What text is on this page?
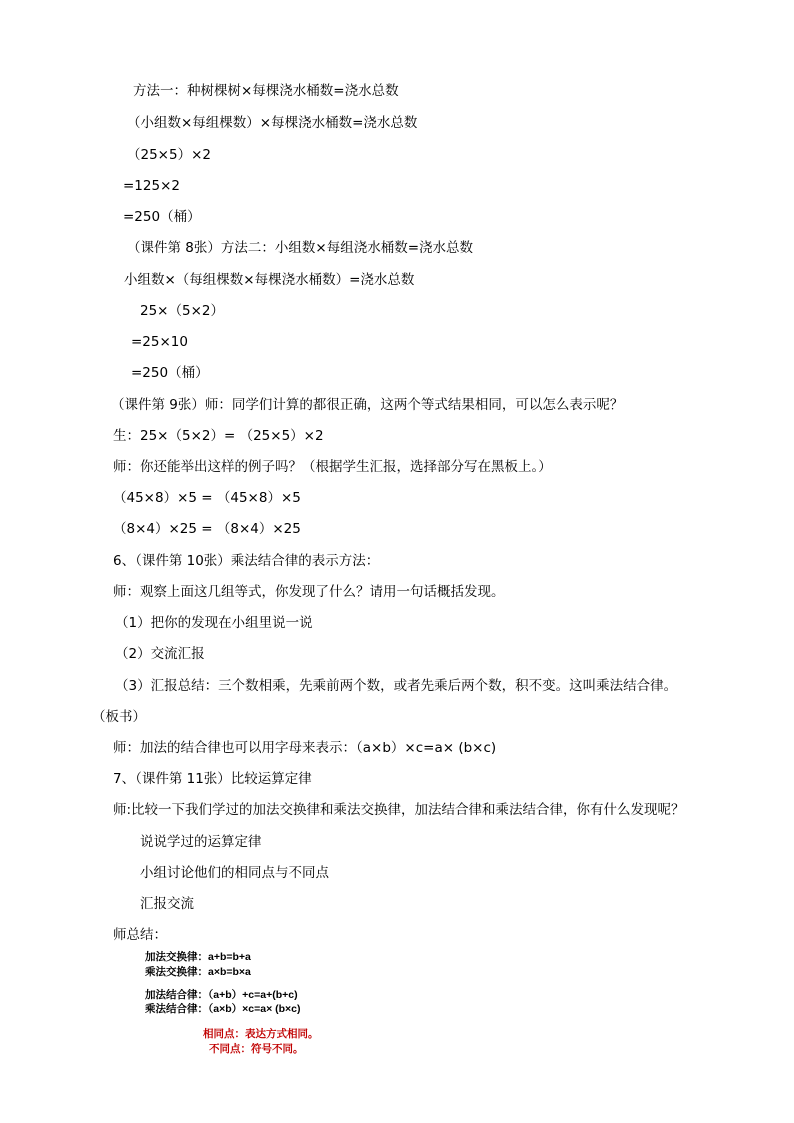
方法一：种树棵树×每棵浇水桶数=浇水总数
（小组数×每组棵数）×每棵浇水桶数=浇水总数
（25×5）×2
=125×2
=250（桶）
（课件第 8张）方法二：小组数×每组浇水桶数=浇水总数
小组数×（每组棵数×每棵浇水桶数）=浇水总数
25×（5×2）
=25×10
=250（桶）
（课件第 9张）师：同学们计算的都很正确，这两个等式结果相同，可以怎么表示呢？
生：25×（5×2）= （25×5）×2
师：你还能举出这样的例子吗？（根据学生汇报，选择部分写在黑板上。）
（45×8）×5 = （45×8）×5
（8×4）×25 = （8×4）×25
6、（课件第 10张）乘法结合律的表示方法：
师：观察上面这几组等式，你发现了什么？请用一句话概括发现。
（1）把你的发现在小组里说一说
（2）交流汇报
（3）汇报总结：三个数相乘，先乘前两个数，或者先乘后两个数，积不变。这叫乘法结合律。
（板书）
师：加法的结合律也可以用字母来表示：（a×b）×c=a× (b×c)
7、（课件第 11张）比较运算定律
师:比较一下我们学过的加法交换律和乘法交换律，加法结合律和乘法结合律，你有什么发现呢？
说说学过的运算定律
小组讨论他们的相同点与不同点
汇报交流
师总结：
加法交换律：a+b=b+a
乘法交换律：a×b=b×a
加法结合律：（a+b）+c=a+(b+c)
乘法结合律：（a×b）×c=a× (b×c)
相同点：表达方式相同。
不同点：符号不同。
